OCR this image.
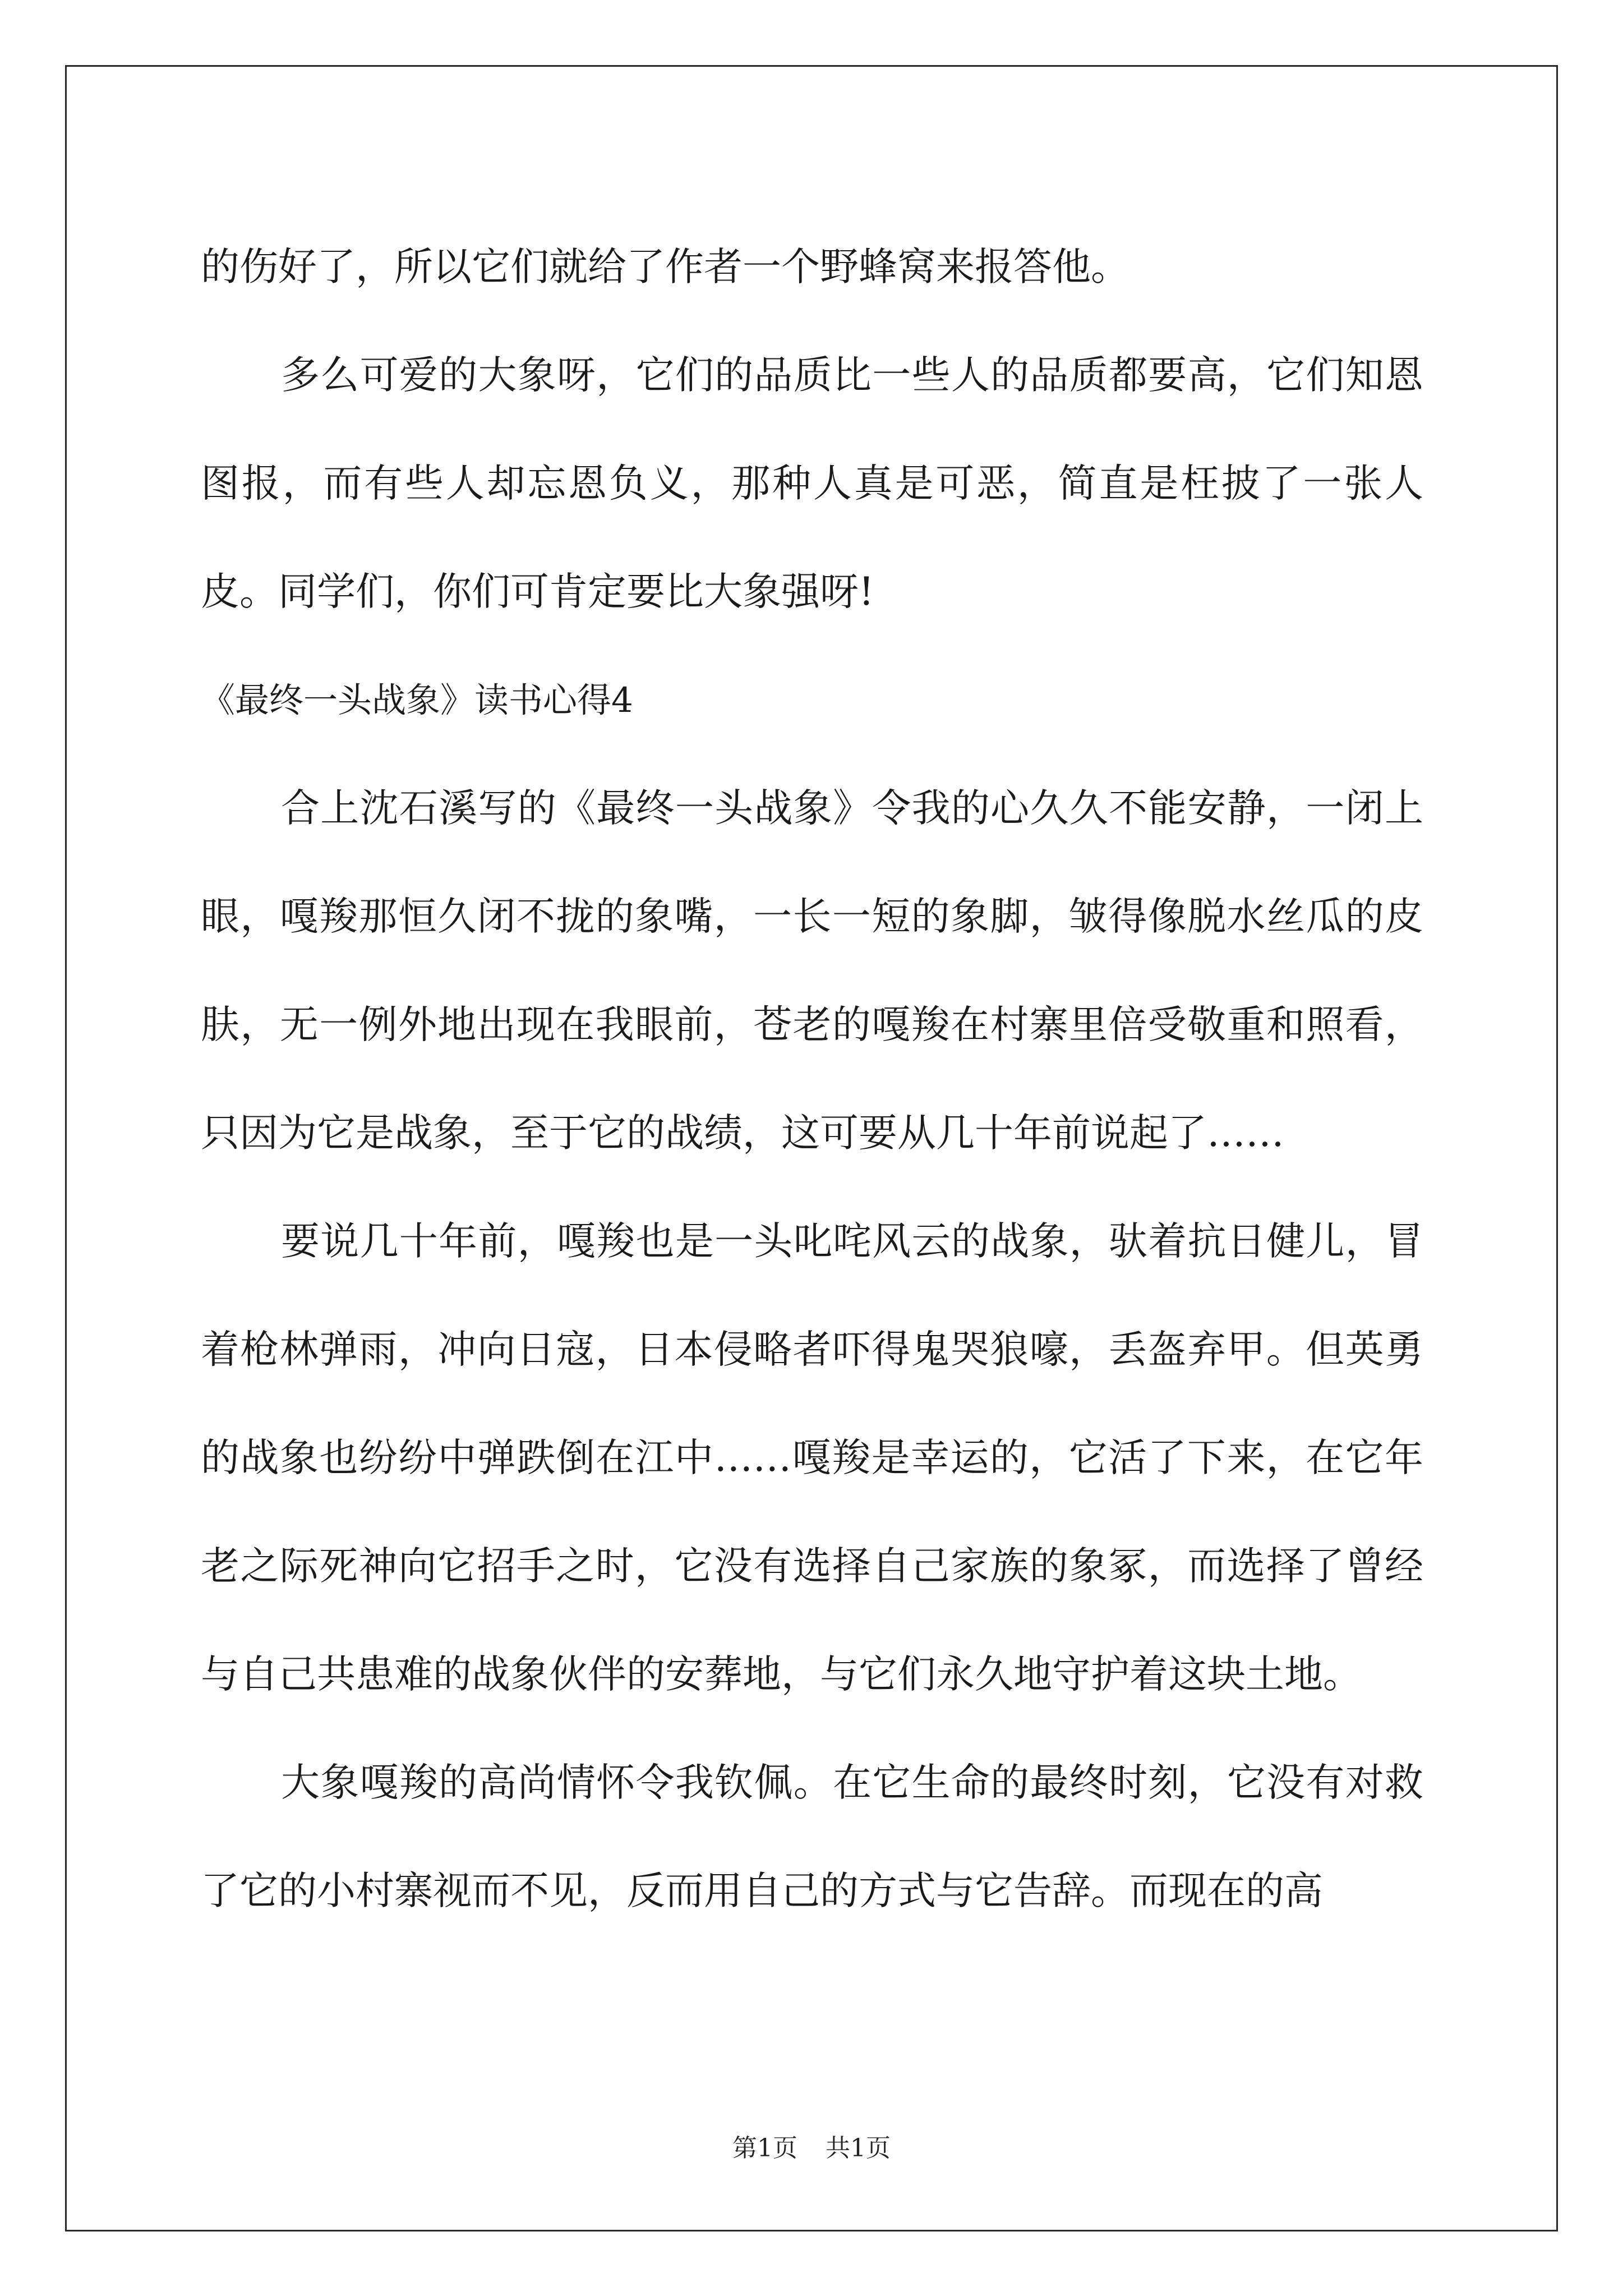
的伤好了，所以它们就给了作者一个野蜂窝来报答他。

多么可爱的大象呀，它们的品质比一些人的品质都要高，它们知恩图报，而有些人却忘恩负义，那种人真是可恶，简直是枉披了一张人皮。同学们，你们可肯定要比大象强呀!

《最终一头战象》读书心得4

合上沈石溪写的《最终一头战象》令我的心久久不能安静，一闭上眼，嘎羧那恒久闭不拢的象嘴，一长一短的象脚，皱得像脱水丝瓜的皮肤，无一例外地出现在我眼前，苍老的嘎羧在村寨里倍受敬重和照看，只因为它是战象，至于它的战绩，这可要从几十年前说起了……

要说几十年前，嘎羧也是一头叱咤风云的战象，驮着抗日健儿，冒着枪林弹雨，冲向日寇，日本侵略者吓得鬼哭狼嚎，丢盔弃甲。但英勇的战象也纷纷中弹跌倒在江中……嘎羧是幸运的，它活了下来，在它年老之际死神向它招手之时，它没有选择自己家族的象冢，而选择了曾经与自己共患难的战象伙伴的安葬地，与它们永久地守护着这块土地。

大象嘎羧的高尚情怀令我钦佩。在它生命的最终时刻，它没有对救了它的小村寨视而不见，反而用自己的方式与它告辞。而现在的高

第1页 共1页
